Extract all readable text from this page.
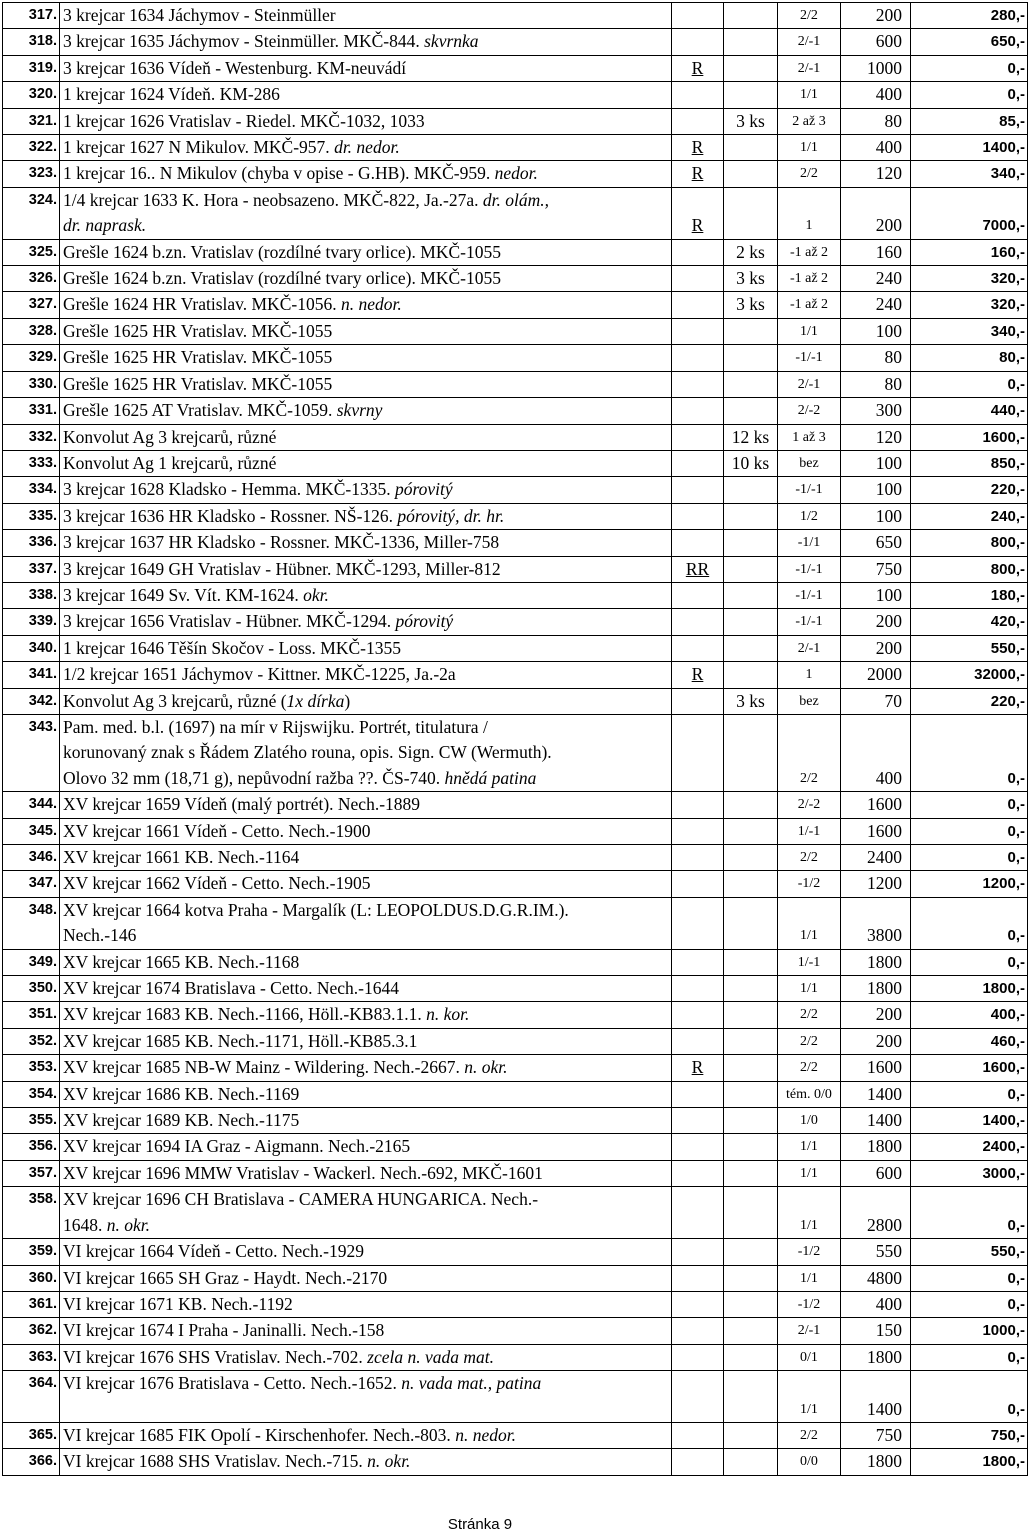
317.	3 krejcar 1634 Jáchymov - Steinmüller			2/2	200	280,-
318.	3 krejcar 1635 Jáchymov - Steinmüller. MKČ-844. skvrnka			2/-1	600	650,-
319.	3 krejcar 1636 Vídeň - Westenburg. KM-neuvádí	R		2/-1	1000	0,-
320.	1 krejcar 1624 Vídeň. KM-286			1/1	400	0,-
321.	1 krejcar 1626 Vratislav - Riedel. MKČ-1032, 1033		3 ks	2 až 3	80	85,-
322.	1 krejcar 1627 N Mikulov. MKČ-957. dr. nedor.	R		1/1	400	1400,-
323.	1 krejcar 16.. N Mikulov (chyba v opise - G.HB). MKČ-959. nedor.	R		2/2	120	340,-
324.	1/4 krejcar 1633 K. Hora - neobsazeno. MKČ-822, Ja.-27a. dr. olám.,
dr. naprask.	R		1	200	7000,-
325.	Grešle 1624 b.zn. Vratislav (rozdílné tvary orlice). MKČ-1055		2 ks	-1 až 2	160	160,-
326.	Grešle 1624 b.zn. Vratislav (rozdílné tvary orlice). MKČ-1055		3 ks	-1 až 2	240	320,-
327.	Grešle 1624 HR Vratislav. MKČ-1056. n. nedor.		3 ks	-1 až 2	240	320,-
328.	Grešle 1625 HR Vratislav. MKČ-1055			1/1	100	340,-
329.	Grešle 1625 HR Vratislav. MKČ-1055			-1/-1	80	80,-
330.	Grešle 1625 HR Vratislav. MKČ-1055			2/-1	80	0,-
331.	Grešle 1625 AT Vratislav. MKČ-1059. skvrny			2/-2	300	440,-
332.	Konvolut Ag 3 krejcarů, různé		12 ks	1 až 3	120	1600,-
333.	Konvolut Ag 1 krejcarů, různé		10 ks	bez	100	850,-
334.	3 krejcar 1628 Kladsko - Hemma. MKČ-1335. pórovitý			-1/-1	100	220,-
335.	3 krejcar 1636 HR Kladsko - Rossner. NŠ-126. pórovitý, dr. hr.			1/2	100	240,-
336.	3 krejcar 1637 HR Kladsko - Rossner. MKČ-1336, Miller-758			-1/1	650	800,-
337.	3 krejcar 1649 GH Vratislav - Hübner. MKČ-1293, Miller-812	RR		-1/-1	750	800,-
338.	3 krejcar 1649 Sv. Vít. KM-1624. okr.			-1/-1	100	180,-
339.	3 krejcar 1656 Vratislav - Hübner. MKČ-1294. pórovitý			-1/-1	200	420,-
340.	1 krejcar 1646 Těšín Skočov - Loss. MKČ-1355			2/-1	200	550,-
341.	1/2 krejcar 1651 Jáchymov - Kittner. MKČ-1225, Ja.-2a	R		1	2000	32000,-
342.	Konvolut Ag 3 krejcarů, různé (1x dírka)		3 ks	bez	70	220,-
343.	Pam. med. b.l. (1697) na mír v Rijswijku. Portrét, titulatura /
korunovaný znak s Řádem Zlatého rouna, opis. Sign. CW (Wermuth).
Olovo 32 mm (18,71 g), nepůvodní ražba ??. ČS-740. hnědá patina			2/2	400	0,-
344.	XV krejcar 1659 Vídeň (malý portrét). Nech.-1889			2/-2	1600	0,-
345.	XV krejcar 1661 Vídeň - Cetto. Nech.-1900			1/-1	1600	0,-
346.	XV krejcar 1661 KB. Nech.-1164			2/2	2400	0,-
347.	XV krejcar 1662 Vídeň - Cetto. Nech.-1905			-1/2	1200	1200,-
348.	XV krejcar 1664 kotva Praha - Margalík (L: LEOPOLDUS.D.G.R.IM.).
Nech.-146			1/1	3800	0,-
349.	XV krejcar 1665 KB. Nech.-1168			1/-1	1800	0,-
350.	XV krejcar 1674 Bratislava - Cetto. Nech.-1644			1/1	1800	1800,-
351.	XV krejcar 1683 KB. Nech.-1166, Höll.-KB83.1.1. n. kor.			2/2	200	400,-
352.	XV krejcar 1685 KB. Nech.-1171, Höll.-KB85.3.1			2/2	200	460,-
353.	XV krejcar 1685 NB-W Mainz - Wildering. Nech.-2667. n. okr.	R		2/2	1600	1600,-
354.	XV krejcar 1686 KB. Nech.-1169			tém. 0/0	1400	0,-
355.	XV krejcar 1689 KB. Nech.-1175			1/0	1400	1400,-
356.	XV krejcar 1694 IA Graz - Aigmann. Nech.-2165			1/1	1800	2400,-
357.	XV krejcar 1696 MMW Vratislav - Wackerl. Nech.-692, MKČ-1601			1/1	600	3000,-
358.	XV krejcar 1696 CH Bratislava - CAMERA HUNGARICA. Nech.-
1648. n. okr.			1/1	2800	0,-
359.	VI krejcar 1664 Vídeň - Cetto. Nech.-1929			-1/2	550	550,-
360.	VI krejcar 1665 SH Graz - Haydt. Nech.-2170			1/1	4800	0,-
361.	VI krejcar 1671 KB. Nech.-1192			-1/2	400	0,-
362.	VI krejcar 1674 I Praha - Janinalli. Nech.-158			2/-1	150	1000,-
363.	VI krejcar 1676 SHS Vratislav. Nech.-702. zcela n. vada mat.			0/1	1800	0,-
364.	VI krejcar 1676 Bratislava - Cetto. Nech.-1652. n. vada mat., patina			1/1	1400	0,-
365.	VI krejcar 1685 FIK Opolí - Kirschenhofer. Nech.-803. n. nedor.			2/2	750	750,-
366.	VI krejcar 1688 SHS Vratislav. Nech.-715. n. okr.			0/0	1800	1800,-
Stránka 9
